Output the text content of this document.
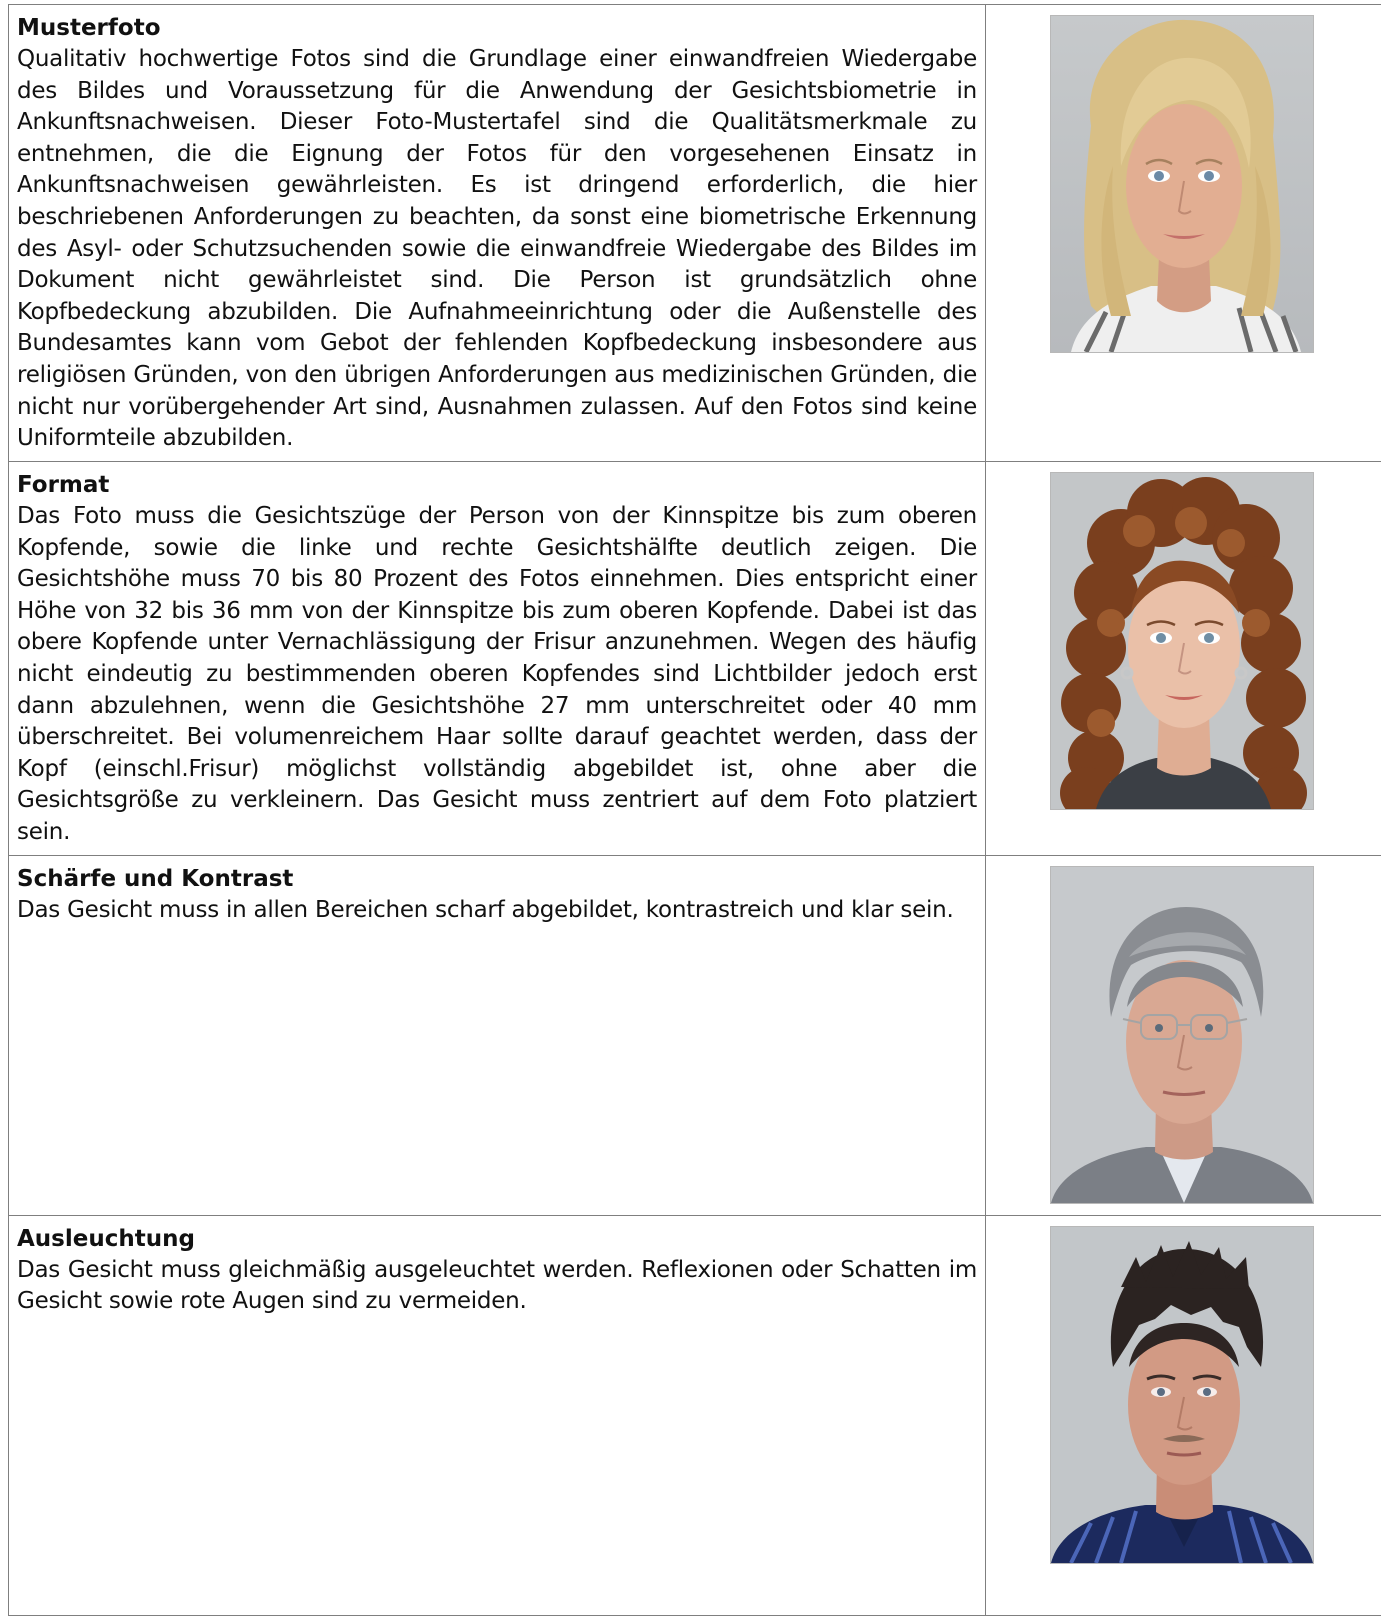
Musterfoto
Qualitativ hochwertige Fotos sind die Grundlage einer einwandfreien Wiedergabe des Bildes und Voraussetzung für die Anwendung der Gesichtsbiometrie in Ankunftsnachweisen. Dieser Foto-Mustertafel sind die Qualitätsmerkmale zu entnehmen, die die Eignung der Fotos für den vorgesehenen Einsatz in Ankunftsnachweisen gewährleisten. Es ist dringend erforderlich, die hier beschriebenen Anforderungen zu beachten, da sonst eine biometrische Erkennung des Asyl- oder Schutzsuchenden sowie die einwandfreie Wiedergabe des Bildes im Dokument nicht gewährleistet sind. Die Person ist grundsätzlich ohne Kopfbedeckung abzubilden. Die Aufnahmeeinrichtung oder die Außenstelle des Bundesamtes kann vom Gebot der fehlenden Kopfbedeckung insbesondere aus religiösen Gründen, von den übrigen Anforderungen aus medizinischen Gründen, die nicht nur vorübergehender Art sind, Ausnahmen zulassen. Auf den Fotos sind keine Uniformteile abzubilden.

Format
Das Foto muss die Gesichtszüge der Person von der Kinnspitze bis zum oberen Kopfende, sowie die linke und rechte Gesichtshälfte deutlich zeigen. Die Gesichtshöhe muss 70 bis 80 Prozent des Fotos einnehmen. Dies entspricht einer Höhe von 32 bis 36 mm von der Kinnspitze bis zum oberen Kopfende. Dabei ist das obere Kopfende unter Vernachlässigung der Frisur anzunehmen. Wegen des häufig nicht eindeutig zu bestimmenden oberen Kopfendes sind Lichtbilder jedoch erst dann abzulehnen, wenn die Gesichtshöhe 27 mm unterschreitet oder 40 mm überschreitet. Bei volumenreichem Haar sollte darauf geachtet werden, dass der Kopf (einschl.Frisur) möglichst vollständig abgebildet ist, ohne aber die Gesichtsgröße zu verkleinern. Das Gesicht muss zentriert auf dem Foto platziert sein.

Schärfe und Kontrast
Das Gesicht muss in allen Bereichen scharf abgebildet, kontrastreich und klar sein.

Ausleuchtung
Das Gesicht muss gleichmäßig ausgeleuchtet werden. Reflexionen oder Schatten im Gesicht sowie rote Augen sind zu vermeiden.
